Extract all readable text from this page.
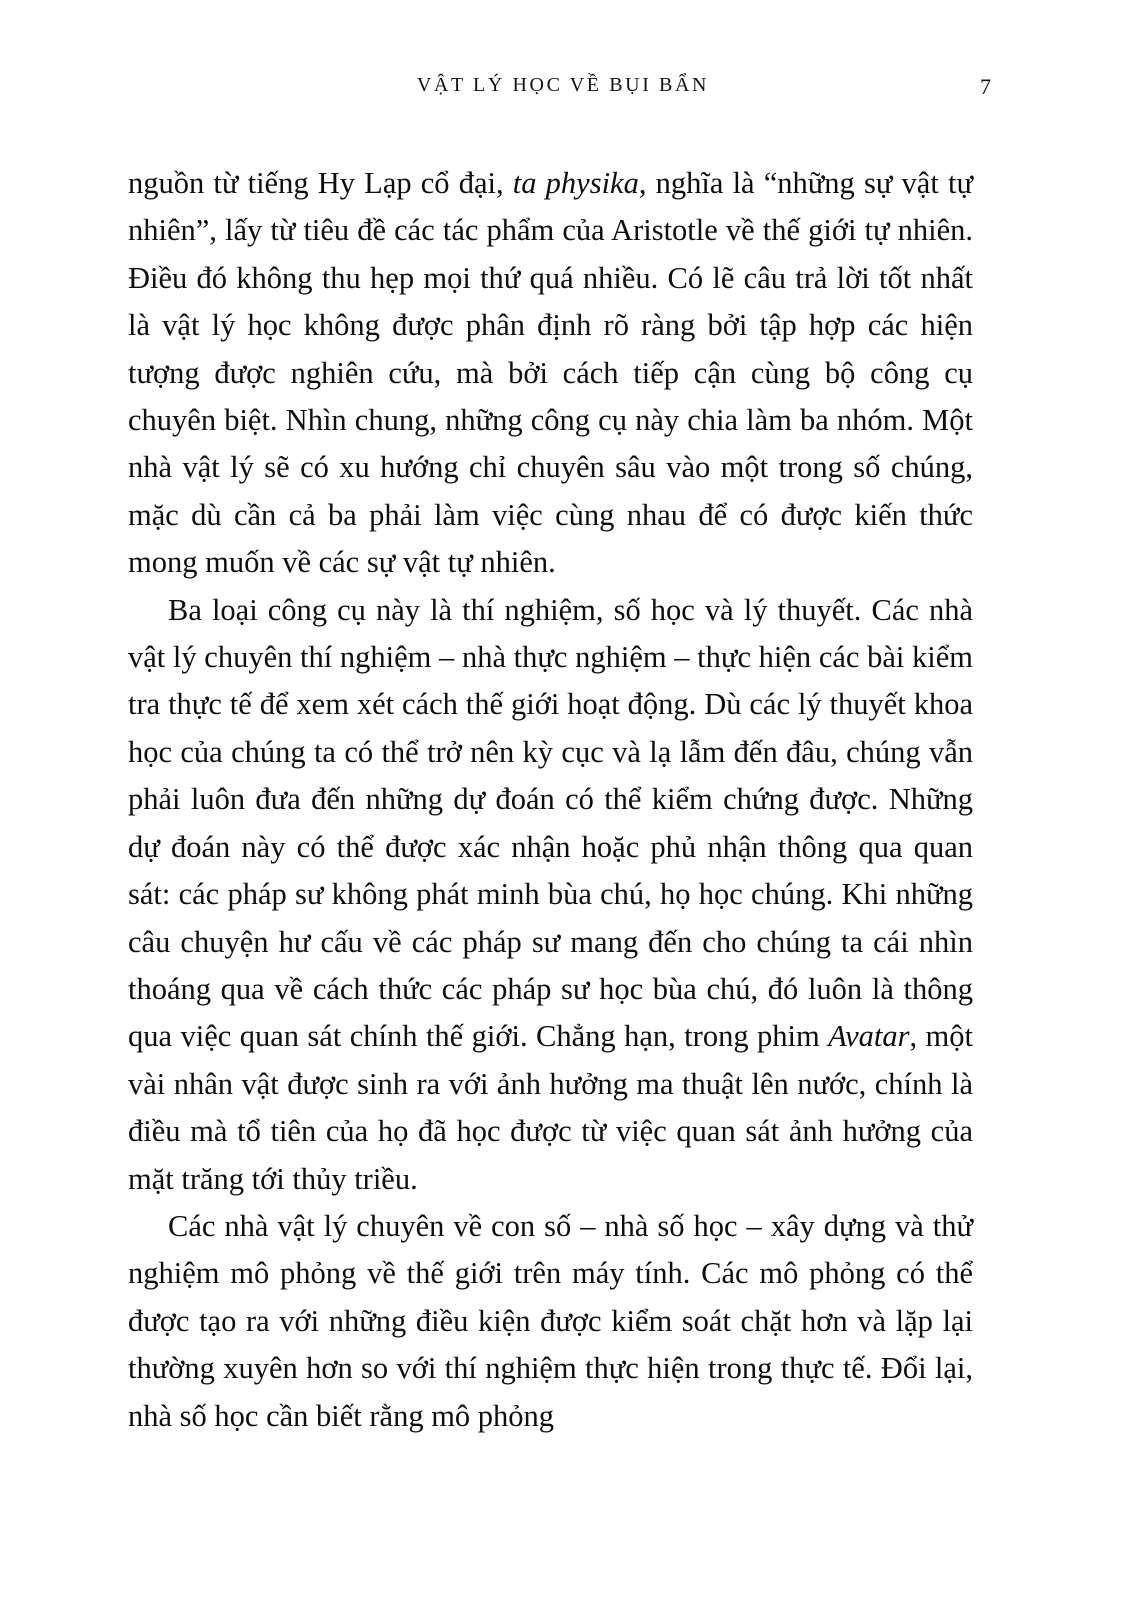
VẬT LÝ HỌC VỀ BỤI BẨN	7

nguồn từ tiếng Hy Lạp cổ đại, ta physika, nghĩa là “những sự vật tự nhiên”, lấy từ tiêu đề các tác phẩm của Aristotle về thế giới tự nhiên. Điều đó không thu hẹp mọi thứ quá nhiều. Có lẽ câu trả lời tốt nhất là vật lý học không được phân định rõ ràng bởi tập hợp các hiện tượng được nghiên cứu, mà bởi cách tiếp cận cùng bộ công cụ chuyên biệt. Nhìn chung, những công cụ này chia làm ba nhóm. Một nhà vật lý sẽ có xu hướng chỉ chuyên sâu vào một trong số chúng, mặc dù cần cả ba phải làm việc cùng nhau để có được kiến thức mong muốn về các sự vật tự nhiên.

Ba loại công cụ này là thí nghiệm, số học và lý thuyết. Các nhà vật lý chuyên thí nghiệm – nhà thực nghiệm – thực hiện các bài kiểm tra thực tế để xem xét cách thế giới hoạt động. Dù các lý thuyết khoa học của chúng ta có thể trở nên kỳ cục và lạ lẫm đến đâu, chúng vẫn phải luôn đưa đến những dự đoán có thể kiểm chứng được. Những dự đoán này có thể được xác nhận hoặc phủ nhận thông qua quan sát: các pháp sư không phát minh bùa chú, họ học chúng. Khi những câu chuyện hư cấu về các pháp sư mang đến cho chúng ta cái nhìn thoáng qua về cách thức các pháp sư học bùa chú, đó luôn là thông qua việc quan sát chính thế giới. Chẳng hạn, trong phim Avatar, một vài nhân vật được sinh ra với ảnh hưởng ma thuật lên nước, chính là điều mà tổ tiên của họ đã học được từ việc quan sát ảnh hưởng của mặt trăng tới thủy triều.

Các nhà vật lý chuyên về con số – nhà số học – xây dựng và thử nghiệm mô phỏng về thế giới trên máy tính. Các mô phỏng có thể được tạo ra với những điều kiện được kiểm soát chặt hơn và lặp lại thường xuyên hơn so với thí nghiệm thực hiện trong thực tế. Đổi lại, nhà số học cần biết rằng mô phỏng
